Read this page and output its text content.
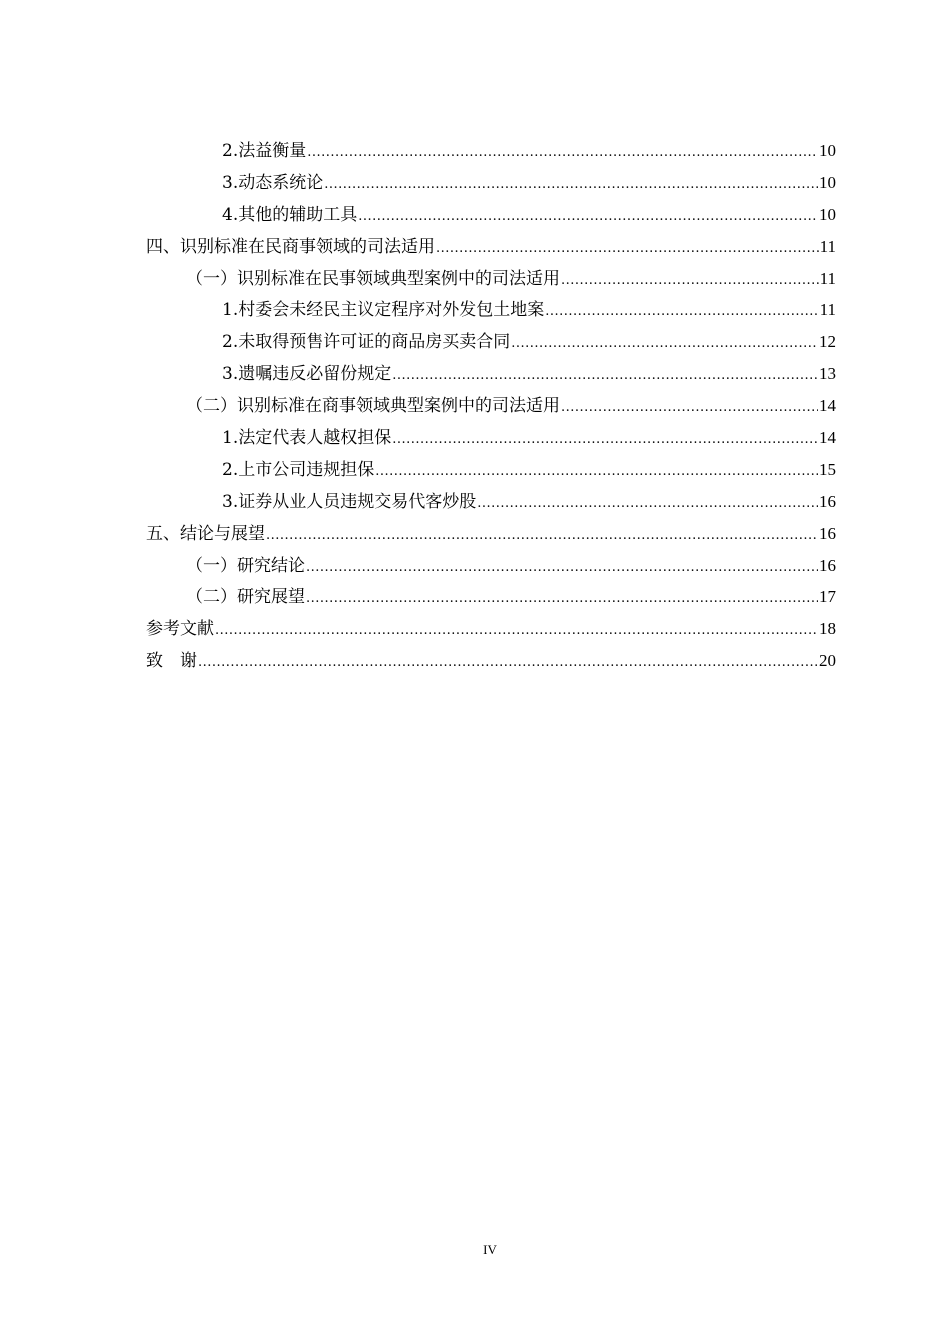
2.法益衡量 .....	10
3.动态系统论 .....	10
4.其他的辅助工具 .....	10
四、识别标准在民商事领域的司法适用 .....	11
（一）识别标准在民事领域典型案例中的司法适用 .....	11
1.村委会未经民主议定程序对外发包土地案 .....	11
2.未取得预售许可证的商品房买卖合同 .....	12
3.遗嘱违反必留份规定 .....	13
（二）识别标准在商事领域典型案例中的司法适用 .....	14
1.法定代表人越权担保 .....	14
2.上市公司违规担保 .....	15
3.证券从业人员违规交易代客炒股 .....	16
五、结论与展望 .....	16
（一）研究结论 .....	16
（二）研究展望 .....	17
参考文献 .....	18
致　谢 .....	20
IV
